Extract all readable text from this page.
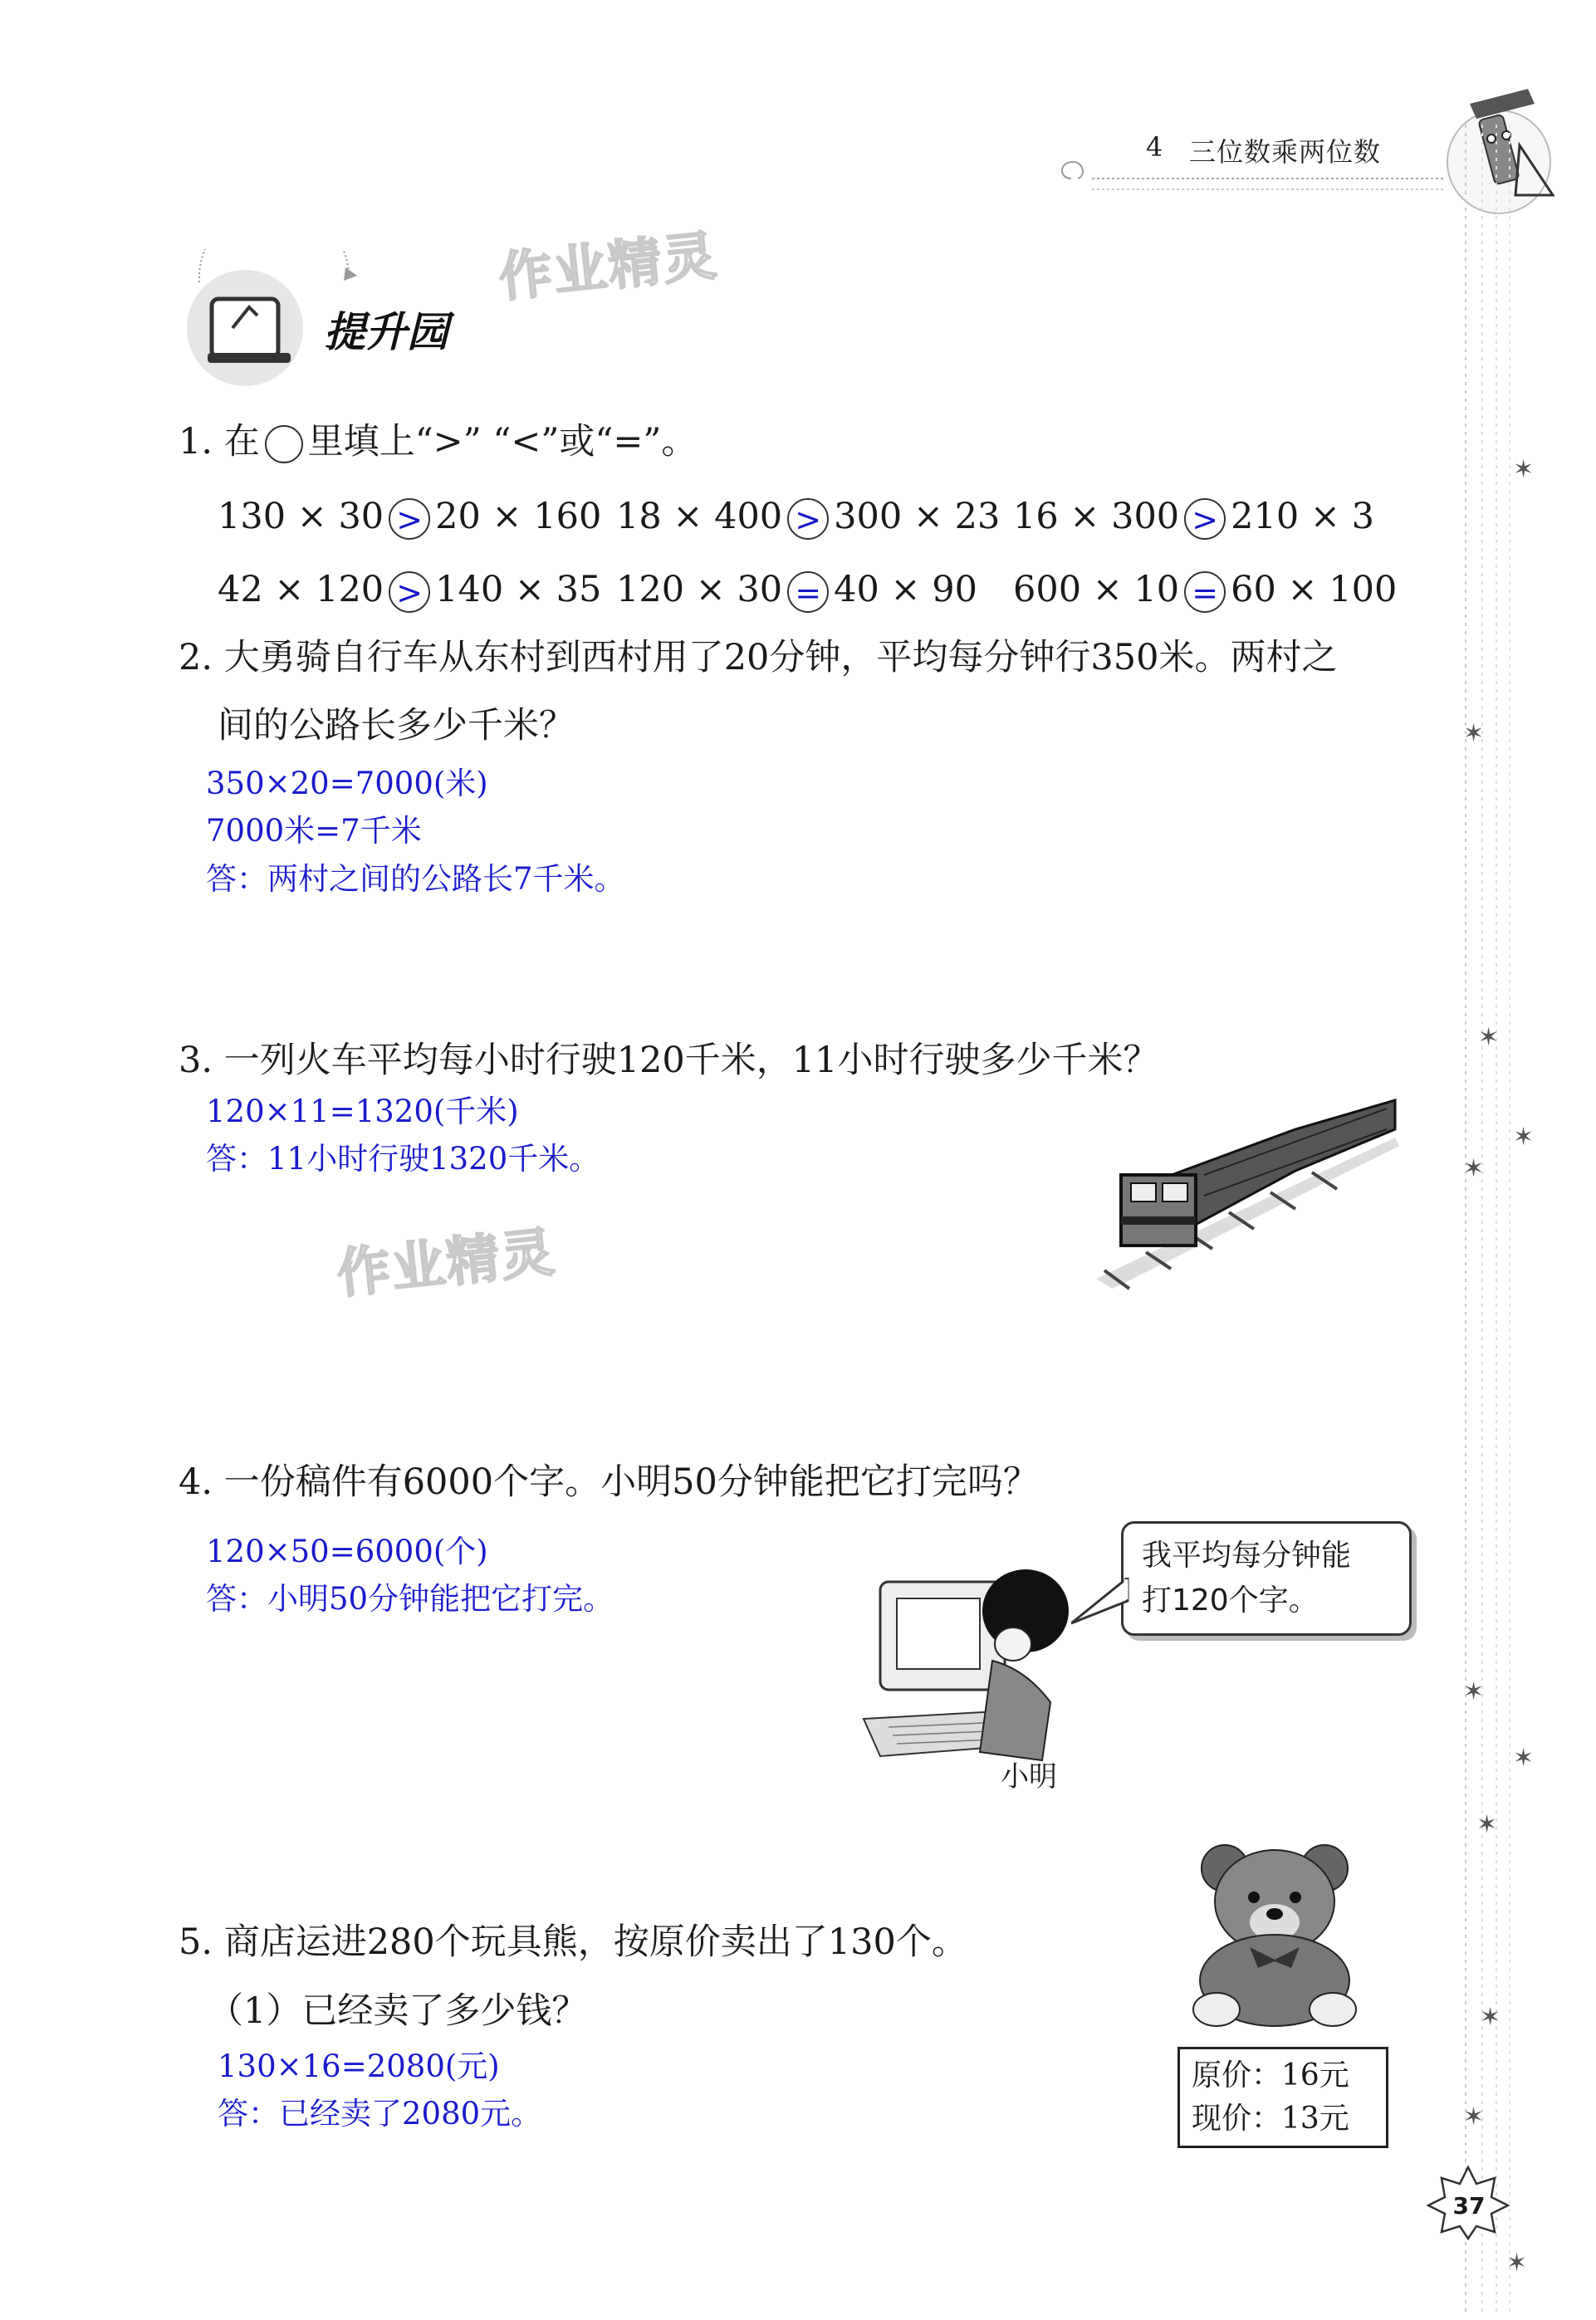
4 三位数乘两位数
✶
✶
✶
✶
✶
✶
✶
✶
✶
✶
✶
作业精灵
作业精灵
提升园
1. 在 里填上“>” “<”或“=”。
130 × 30 > 20 × 160 18 × 400 > 300 × 23 16 × 300 > 210 × 3
42 × 120 > 140 × 35 120 × 30 = 40 × 90 600 × 10 = 60 × 100
2. 大勇骑自行车从东村到西村用了20分钟，平均每分钟行350米。两村之
间的公路长多少千米？
350×20=7000(米)
7000米=7千米
答：两村之间的公路长7千米。
3. 一列火车平均每小时行驶120千米，11小时行驶多少千米？
120×11=1320(千米)
答：11小时行驶1320千米。
4. 一份稿件有6000个字。小明50分钟能把它打完吗？
120×50=6000(个)
答：小明50分钟能把它打完。
小明
我平均每分钟能
打120个字。
5. 商店运进280个玩具熊，按原价卖出了130个。
（1）已经卖了多少钱？
130×16=2080(元)
答：已经卖了2080元。
原价：16元
现价：13元
37
